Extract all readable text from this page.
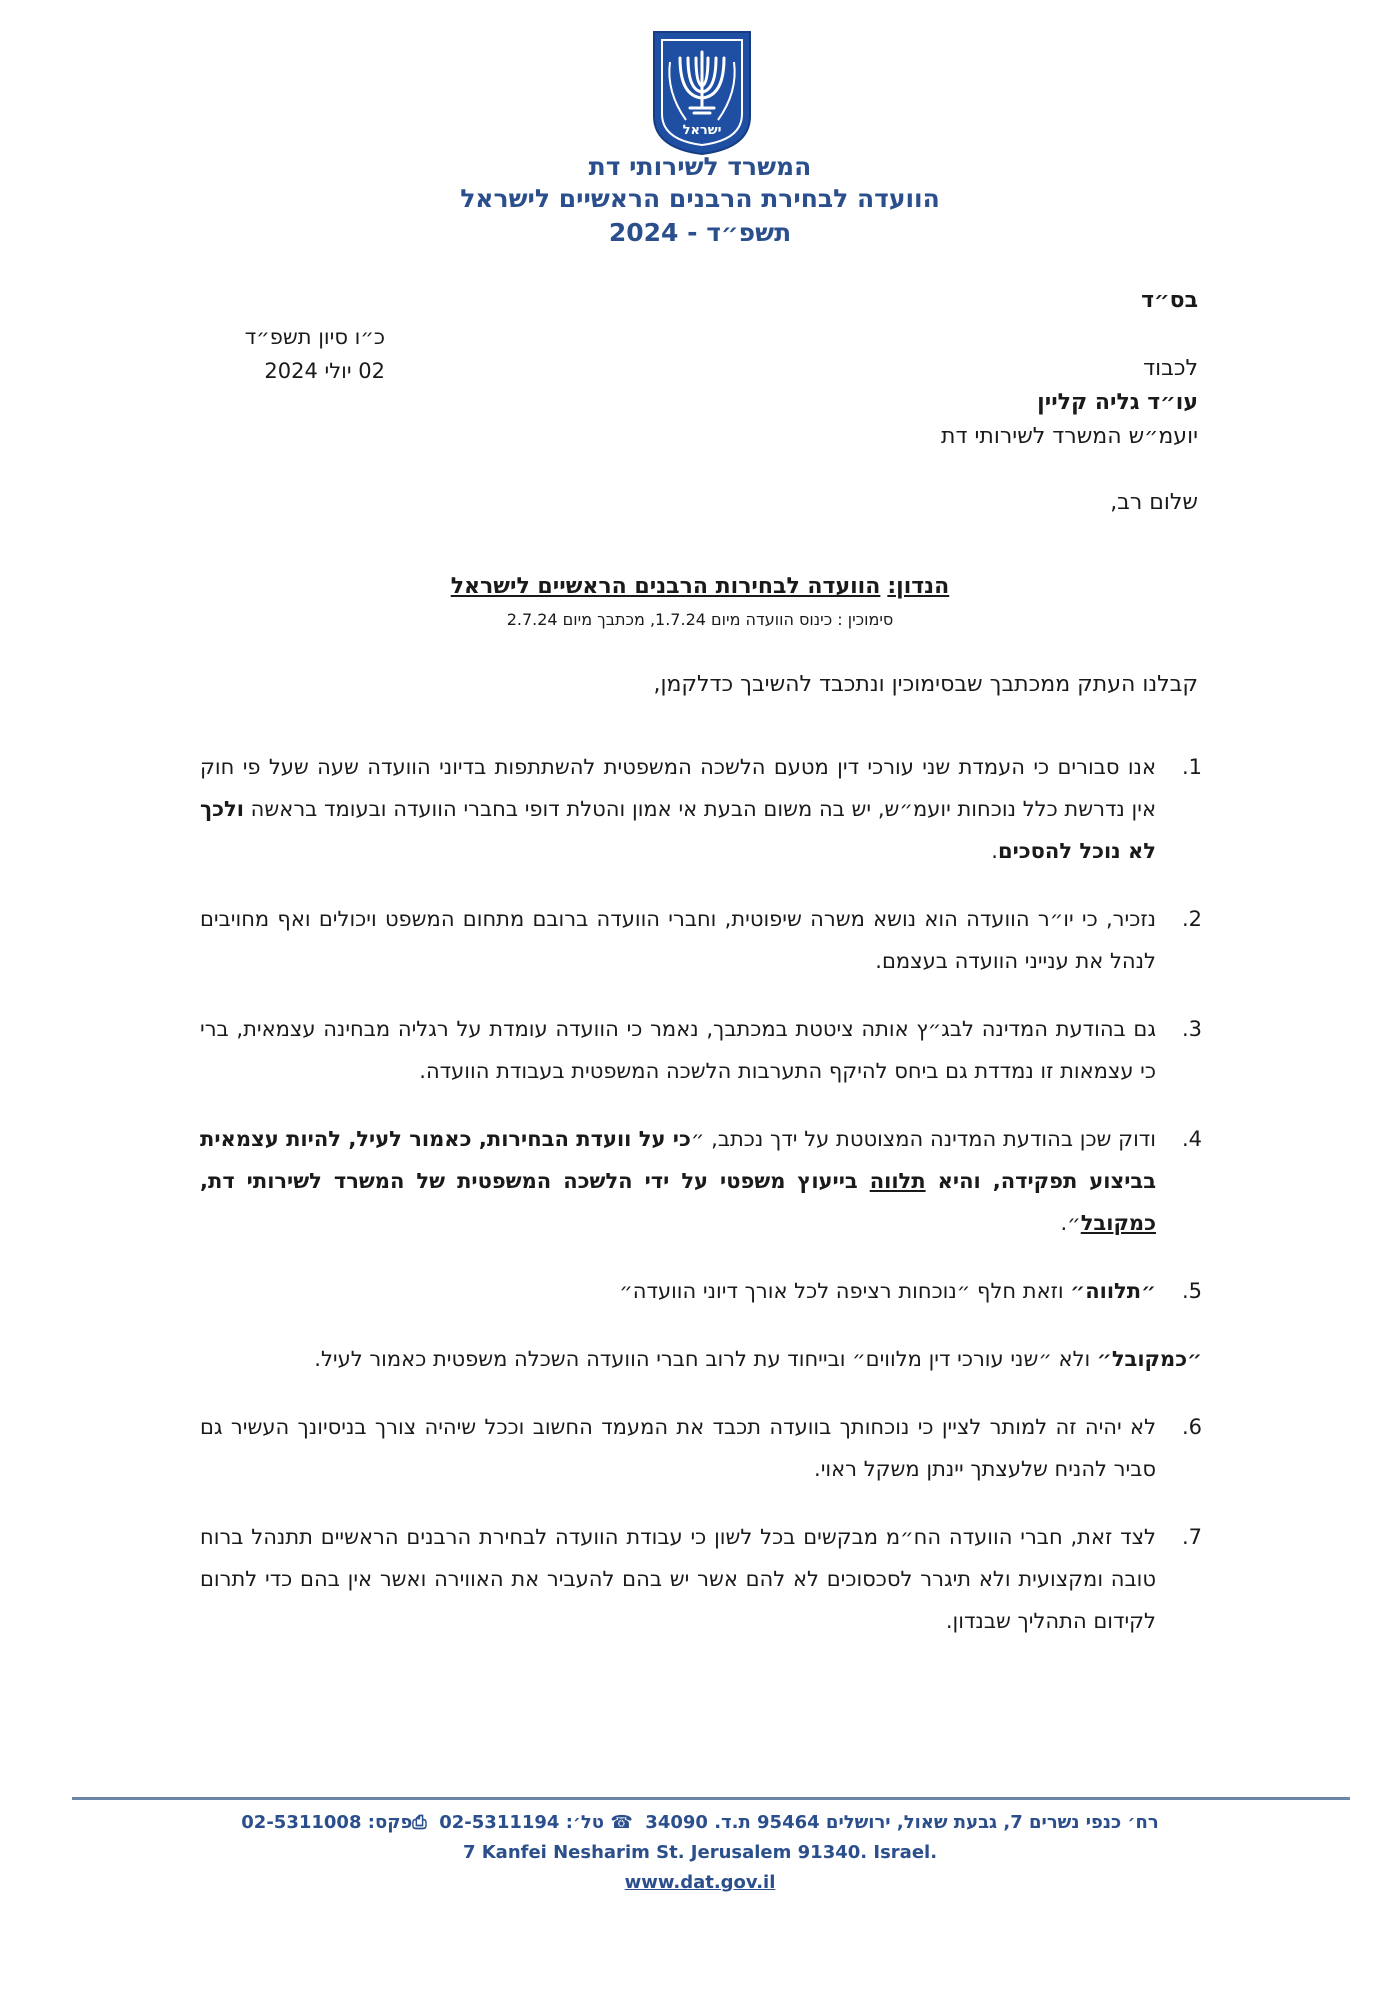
ישראל
המשרד לשירותי דת
הוועדה לבחירת הרבנים הראשיים לישראל
תשפ״ד - 2024
בס״ד
כ״ו סיון תשפ״ד
02 יולי 2024	לכבוד
עו״ד גליה קליין
יועמ״ש המשרד לשירותי דת
שלום רב,
הנדון: הוועדה לבחירות הרבנים הראשיים לישראל
סימוכין : כינוס הוועדה מיום 1.7.24, מכתבך מיום 2.7.24
קבלנו העתק ממכתבך שבסימוכין ונתכבד להשיבך כדלקמן,
1.
אנו סבורים כי העמדת שני עורכי דין מטעם הלשכה המשפטית להשתתפות בדיוני הוועדה שעה שעל פי חוק אין נדרשת כלל נוכחות יועמ״ש, יש בה משום הבעת אי אמון והטלת דופי בחברי הוועדה ובעומד בראשה ולכך לא נוכל להסכים.
2.
נזכיר, כי יו״ר הוועדה הוא נושא משרה שיפוטית, וחברי הוועדה ברובם מתחום המשפט ויכולים ואף מחויבים לנהל את ענייני הוועדה בעצמם.
3.
גם בהודעת המדינה לבג״ץ אותה ציטטת במכתבך, נאמר כי הוועדה עומדת על רגליה מבחינה עצמאית, ברי כי עצמאות זו נמדדת גם ביחס להיקף התערבות הלשכה המשפטית בעבודת הוועדה.
4.
ודוק שכן בהודעת המדינה המצוטטת על ידך נכתב, ״כי על וועדת הבחירות, כאמור לעיל, להיות עצמאית בביצוע תפקידה, והיא תלווה בייעוץ משפטי על ידי הלשכה המשפטית של המשרד לשירותי דת, כמקובל״.
5.
״תלווה״ וזאת חלף ״נוכחות רציפה לכל אורך דיוני הוועדה״
״כמקובל״ ולא ״שני עורכי דין מלווים״ ובייחוד עת לרוב חברי הוועדה השכלה משפטית כאמור לעיל.
6.
לא יהיה זה למותר לציין כי נוכחותך בוועדה תכבד את המעמד החשוב וככל שיהיה צורך בניסיונך העשיר גם סביר להניח שלעצתך יינתן משקל ראוי.
7.
לצד זאת, חברי הוועדה הח״מ מבקשים בכל לשון כי עבודת הוועדה לבחירת הרבנים הראשיים תתנהל ברוח טובה ומקצועית ולא תיגרר לסכסוכים לא להם אשר יש בהם להעביר את האווירה ואשר אין בהם כדי לתרום לקידום התהליך שבנדון.
רח׳ כנפי נשרים 7, גבעת שאול, ירושלים 95464 ת.ד. 34090  ☎ טל׳: 02-5311194  ⎙פקס: 02-5311008
7 Kanfei Nesharim St. Jerusalem 91340. Israel.
www.dat.gov.il
